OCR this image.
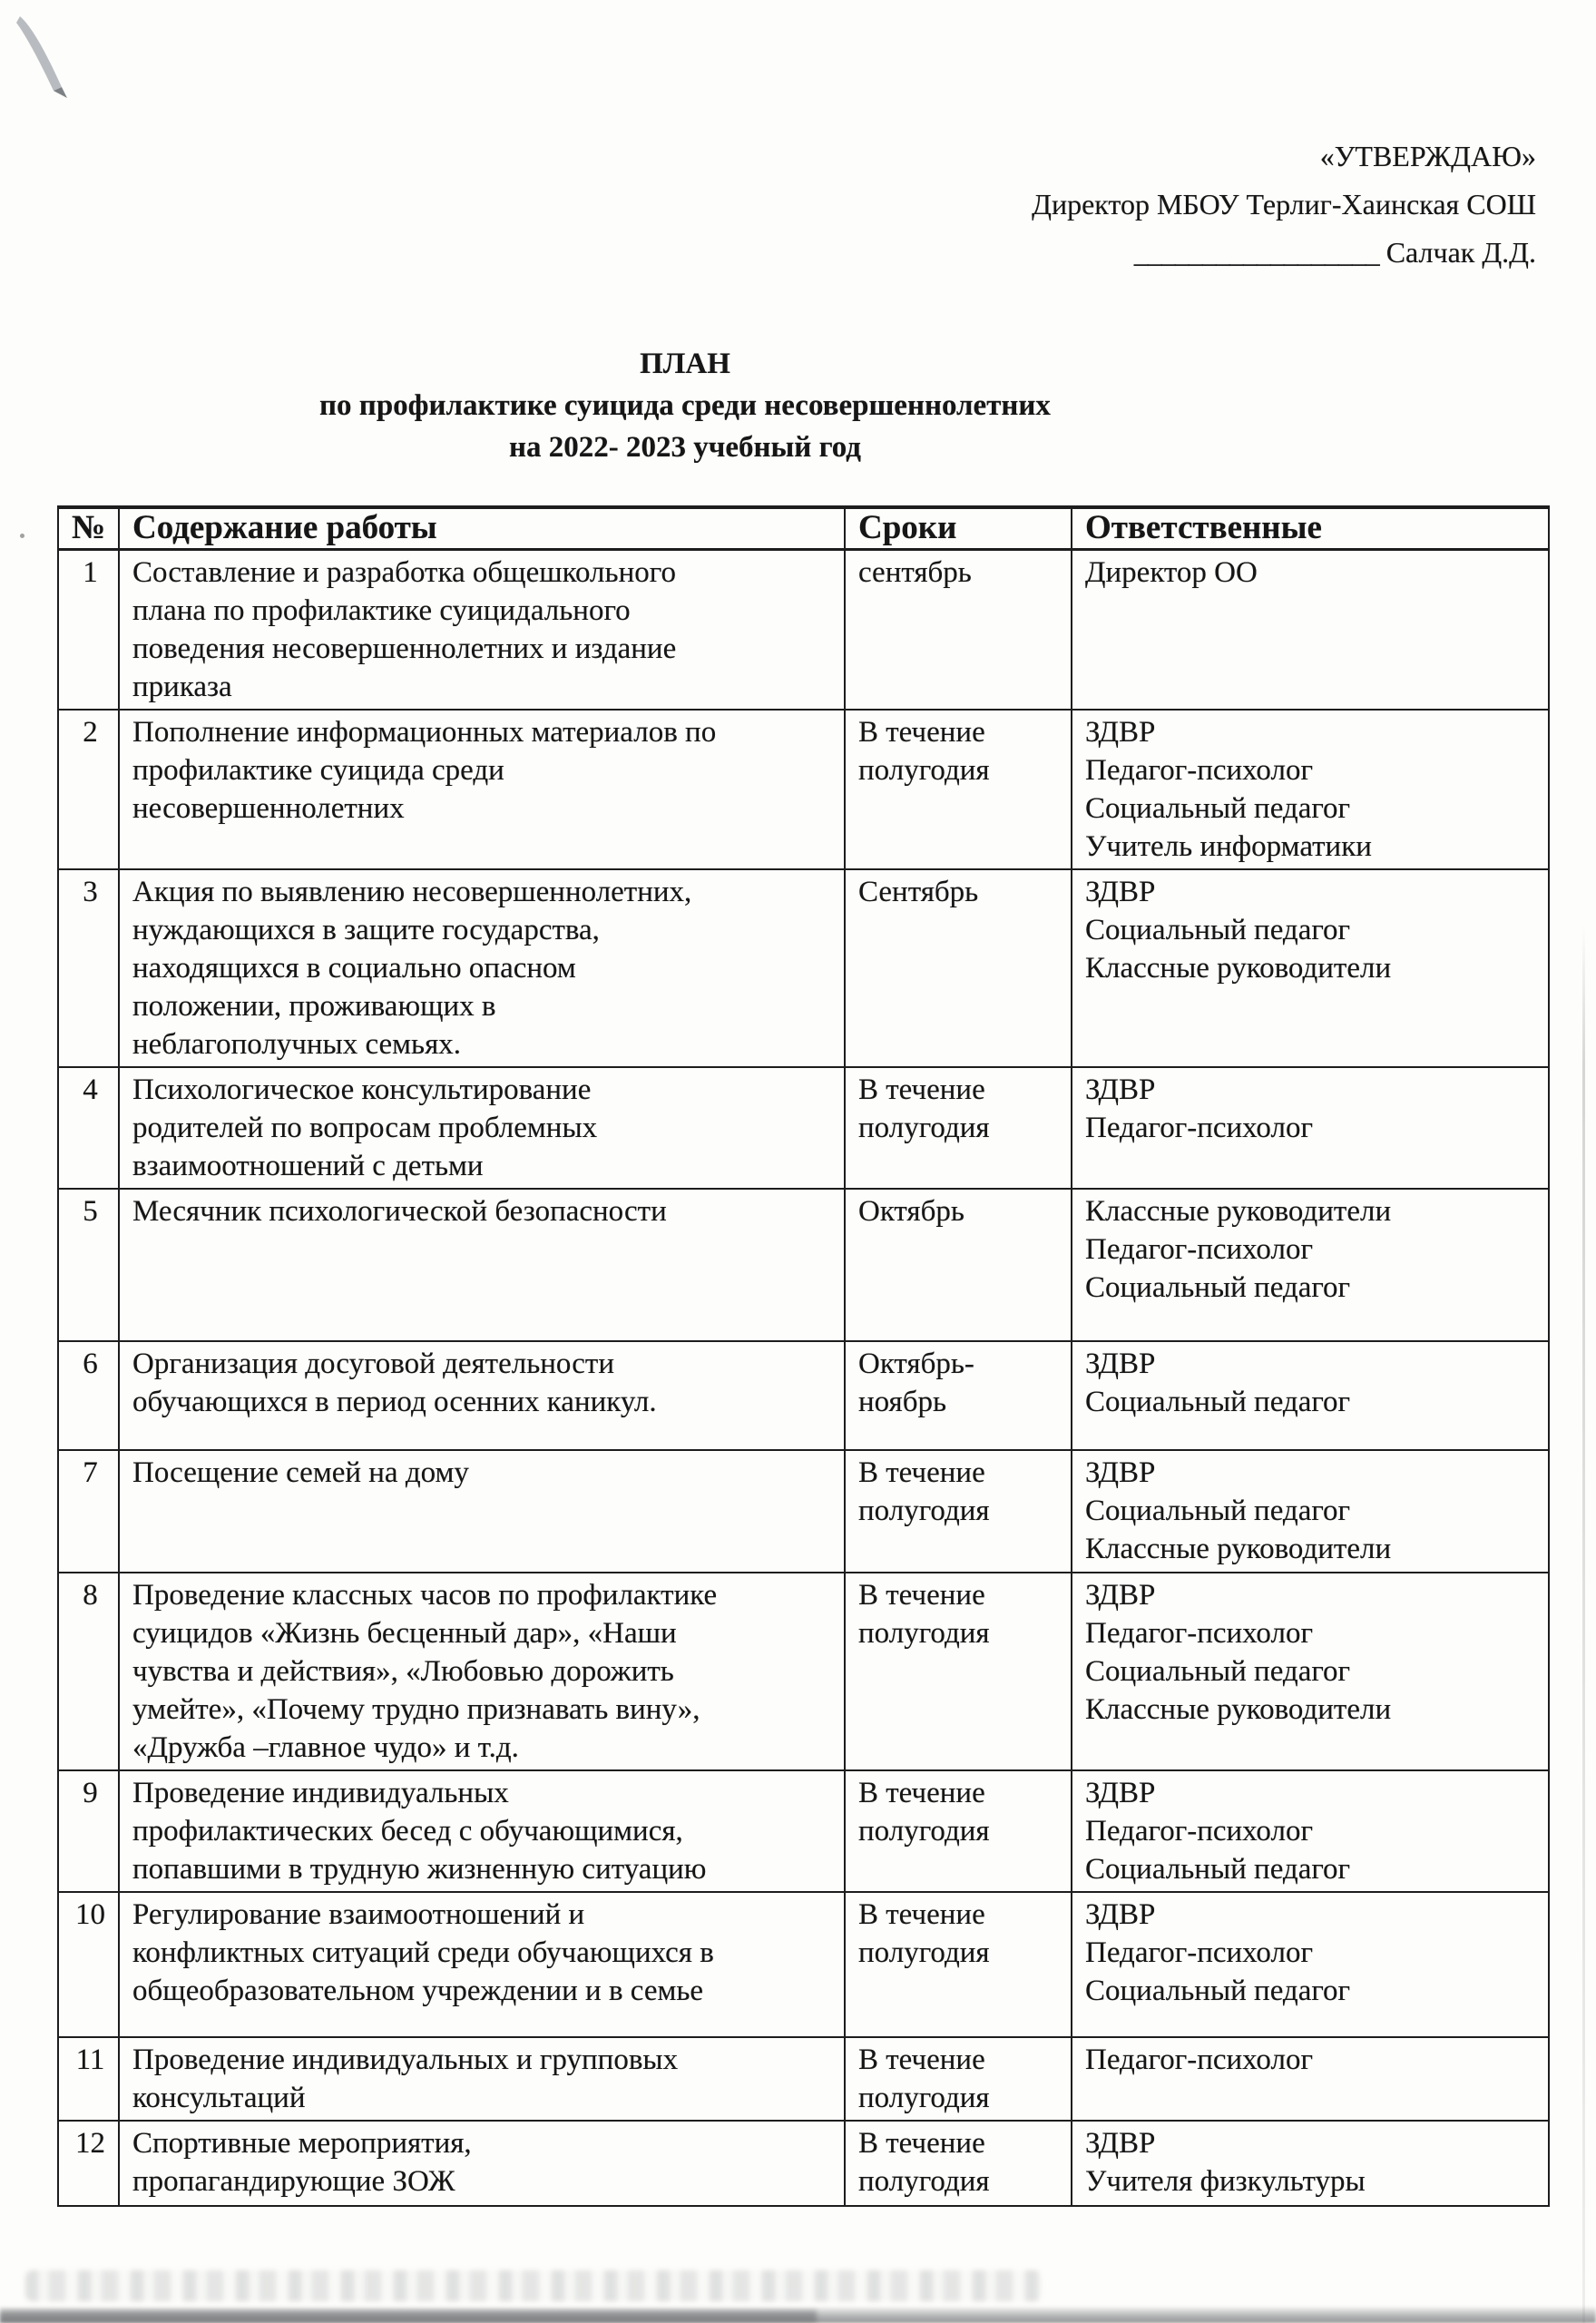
«УТВЕРЖДАЮ»
Директор МБОУ Терлиг-Хаинская СОШ
__________________ Салчак Д.Д.
ПЛАН
по профилактике суицида среди несовершеннолетних
на 2022- 2023 учебный год
№	Содержание работы	Сроки	Ответственные
1	Составление и разработка общешкольного
плана по профилактике суицидального
поведения несовершеннолетних и издание
приказа	сентябрь	Директор ОО
2	Пополнение информационных материалов по
профилактике суицида среди
несовершеннолетних	В течение
полугодия	ЗДВР
Педагог-психолог
Социальный педагог
Учитель информатики
3	Акция по выявлению несовершеннолетних,
нуждающихся в защите государства,
находящихся в социально опасном
положении, проживающих в
неблагополучных семьях.	Сентябрь	ЗДВР
Социальный педагог
Классные руководители
4	Психологическое консультирование
родителей по вопросам проблемных
взаимоотношений с детьми	В течение
полугодия	ЗДВР
Педагог-психолог
5	Месячник психологической безопасности	Октябрь	Классные руководители
Педагог-психолог
Социальный педагог
6	Организация досуговой деятельности
обучающихся в период осенних каникул.	Октябрь-
ноябрь	ЗДВР
Социальный педагог
7	Посещение семей на дому	В течение
полугодия	ЗДВР
Социальный педагог
Классные руководители
8	Проведение классных часов по профилактике
суицидов «Жизнь бесценный дар», «Наши
чувства и действия», «Любовью дорожить
умейте», «Почему трудно признавать вину»,
«Дружба –главное чудо» и т.д.	В течение
полугодия	ЗДВР
Педагог-психолог
Социальный педагог
Классные руководители
9	Проведение индивидуальных
профилактических бесед с обучающимися,
попавшими в трудную жизненную ситуацию	В течение
полугодия	ЗДВР
Педагог-психолог
Социальный педагог
10	Регулирование взаимоотношений и
конфликтных ситуаций среди обучающихся в
общеобразовательном учреждении и в семье	В течение
полугодия	ЗДВР
Педагог-психолог
Социальный педагог
11	Проведение индивидуальных и групповых
консультаций	В течение
полугодия	Педагог-психолог
12	Спортивные мероприятия,
пропагандирующие ЗОЖ	В течение
полугодия	ЗДВР
Учителя физкультуры
